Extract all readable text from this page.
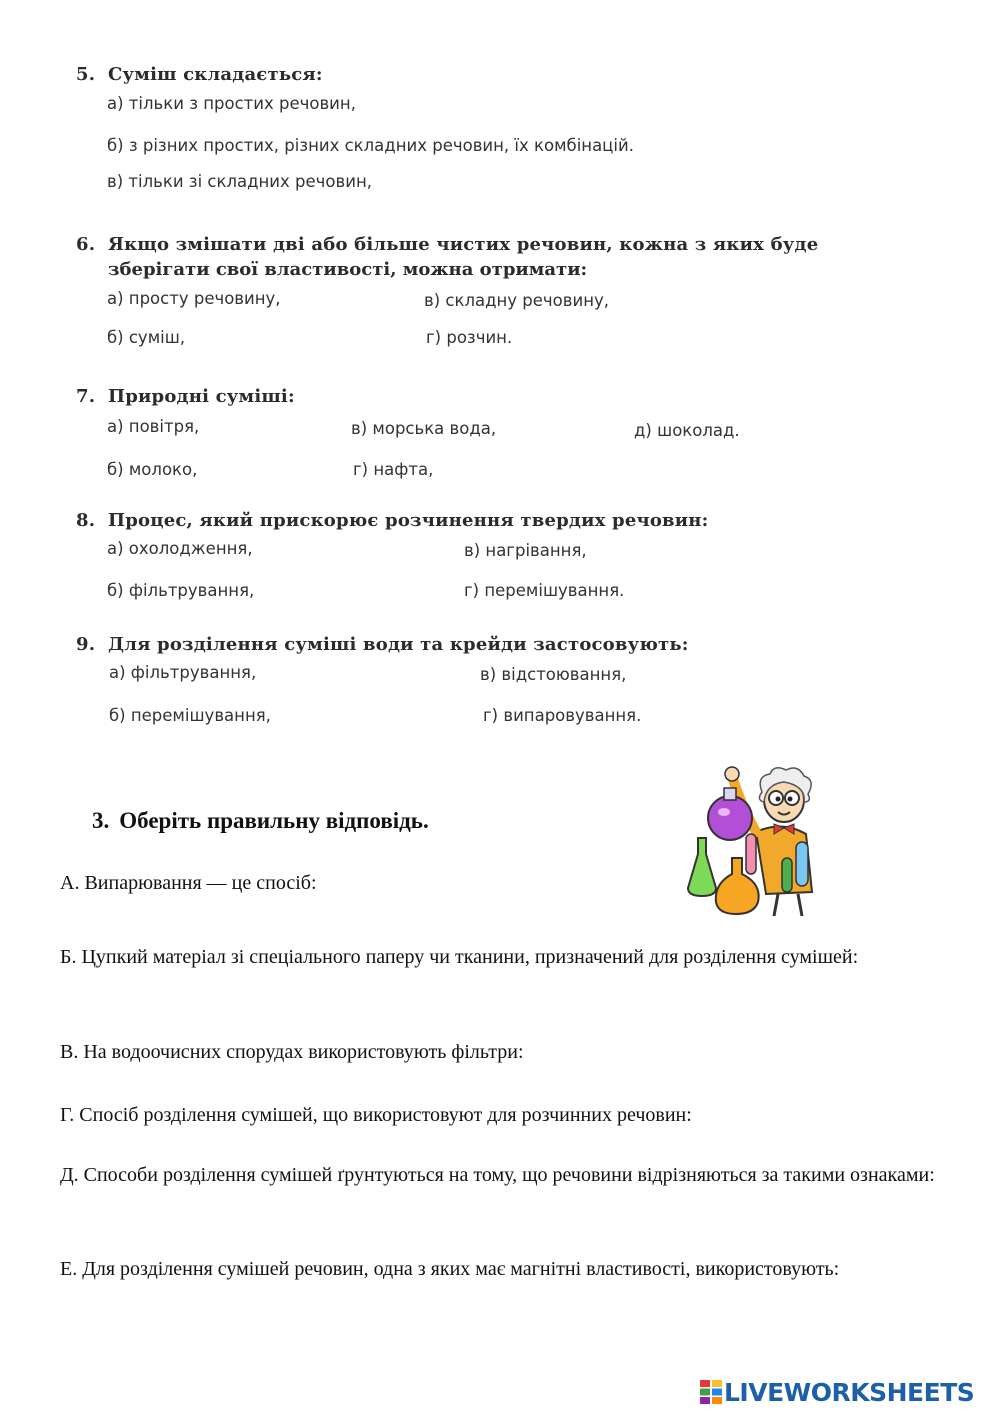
5. Суміш складається:
а) тільки з простих речовин,
б) з різних простих, різних складних речовин, їх комбінацій.
в) тільки зі складних речовин,
6. Якщо змішати дві або більше чистих речовин, кожна з яких буде
зберігати свої властивості, можна отримати:
а) просту речовину,	в) складну речовину,
б) суміш,	г) розчин.
7. Природні суміші:
а) повітря,	в) морська вода,	д) шоколад.
б) молоко,	г) нафта,
8. Процес, який прискорює розчинення твердих речовин:
а) охолодження,	в) нагрівання,
б) фільтрування,	г) перемішування.
9. Для розділення суміші води та крейди застосовують:
а) фільтрування,	в) відстоювання,
б) перемішування,	г) випаровування.
3. Оберіть правильну відповідь.
А. Випарювання — це спосіб:
Б. Цупкий матеріал зі спеціального паперу чи тканини, призначений для розділення сумішей:
В. На водоочисних спорудах використовують фільтри:
Г. Спосіб розділення сумішей, що використовуют для розчинних речовин:
Д. Способи розділення сумішей ґрунтуються на тому, що речовини відрізняються за такими ознаками:
Е. Для розділення сумішей речовин, одна з яких має магнітні властивості, використовують:
LIVEWORKSHEETS
